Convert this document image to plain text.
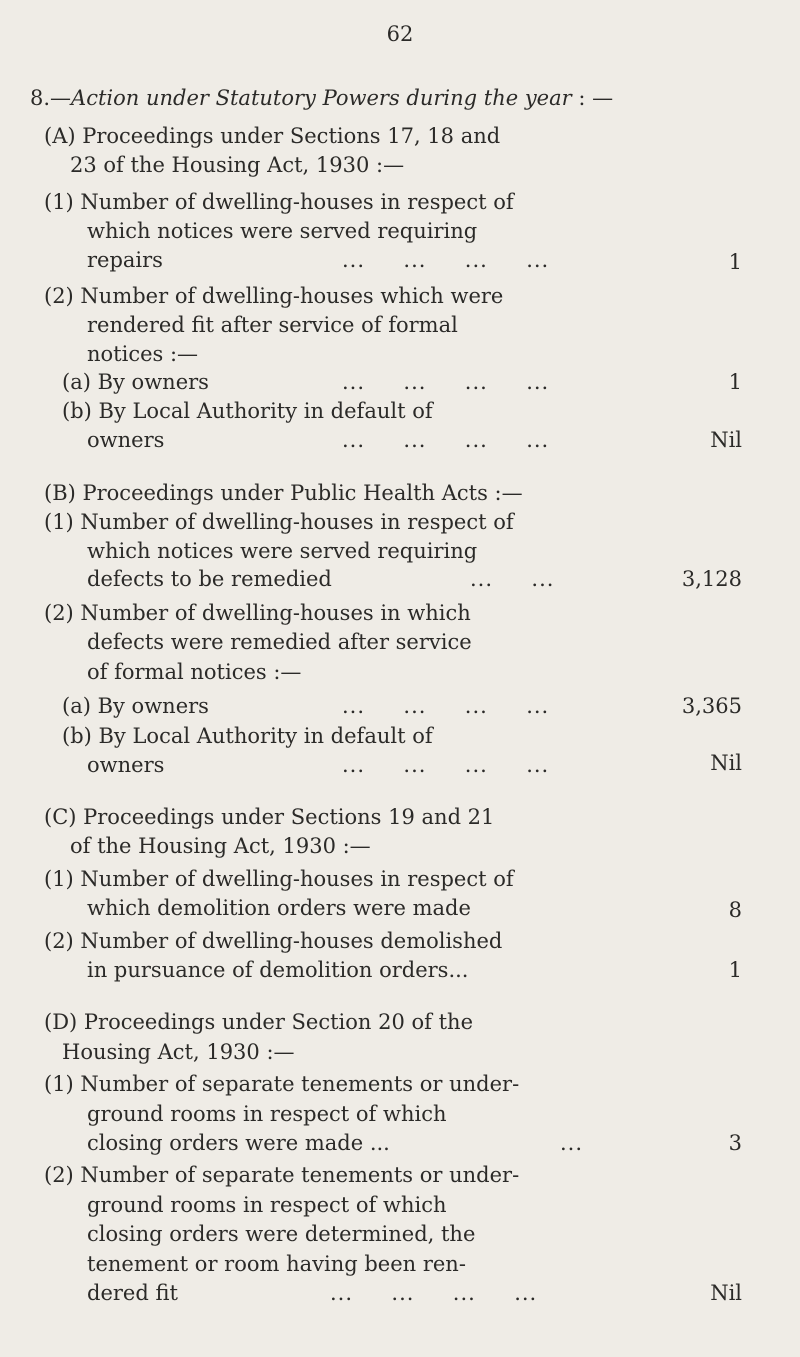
62
8.—Action under Statutory Powers during the year : —
(A) Proceedings under Sections 17, 18 and
23 of the Housing Act, 1930 :—
(1) Number of dwelling-houses in respect of
which notices were served requiring
repairs	...     ...     ...     ...	1
(2) Number of dwelling-houses which were
rendered fit after service of formal
notices :—
(a) By owners	...     ...     ...     ...	1
(b) By Local Authority in default of
owners	...     ...     ...     ...	Nil
(B) Proceedings under Public Health Acts :—
(1) Number of dwelling-houses in respect of
which notices were served requiring
defects to be remedied	...     ...	3,128
(2) Number of dwelling-houses in which
defects were remedied after service
of formal notices :—
(a) By owners	...     ...     ...     ...	3,365
(b) By Local Authority in default of
owners	...     ...     ...     ...	Nil
(C) Proceedings under Sections 19 and 21
of the Housing Act, 1930 :—
(1) Number of dwelling-houses in respect of
which demolition orders were made	8
(2) Number of dwelling-houses demolished
in pursuance of demolition orders...	1
(D) Proceedings under Section 20 of the
Housing Act, 1930 :—
(1) Number of separate tenements or under-
ground rooms in respect of which
closing orders were made ...	...	3
(2) Number of separate tenements or under-
ground rooms in respect of which
closing orders were determined, the
tenement or room having been ren-
dered fit	...     ...     ...     ...	Nil
